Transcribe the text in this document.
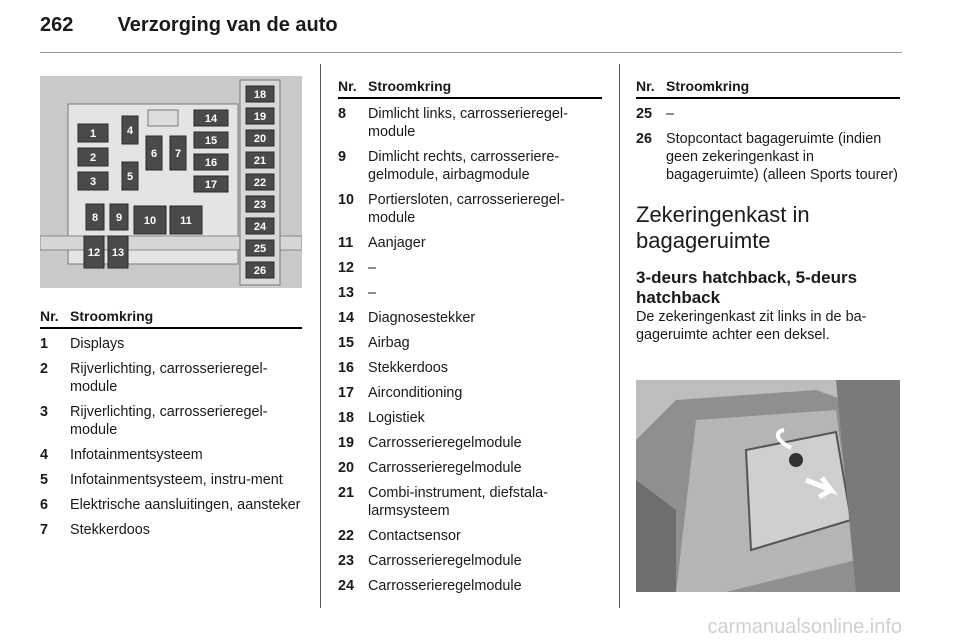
262 Verzorging van de auto
1
2
3
4
5
6 7
8 9 10 11
12 13
14
15
16
17
18
19
20
21
22
23
24
25
26
Nr. Stroomkring
1	Displays
2	Rijverlichting, carrosserieregel-module
3	Rijverlichting, carrosserieregel-module
4	Infotainmentsysteem
5	Infotainmentsysteem, instru-ment
6	Elektrische aansluitingen, aansteker
7	Stekkerdoos
Nr. Stroomkring
8	Dimlicht links, carrosserieregel-module
9	Dimlicht rechts, carrosseriere-gelmodule, airbagmodule
10 Portiersloten, carrosserieregel-module
11	Aanjager
12 –
13 –
14 Diagnosestekker
15 Airbag
16 Stekkerdoos
17 Airconditioning
18 Logistiek
19 Carrosserieregelmodule
20 Carrosserieregelmodule
21 Combi-instrument, diefstala-larmsysteem
22 Contactsensor
23 Carrosserieregelmodule
24 Carrosserieregelmodule
Nr. Stroomkring
25 –
26 Stopcontact bagageruimte (indien geen zekeringenkast in bagageruimte) (alleen Sports tourer)
Zekeringenkast in bagageruimte
3-deurs hatchback, 5-deurs hatchback
De zekeringenkast zit links in de ba-gageruimte achter een deksel.
carmanualsonline.info
